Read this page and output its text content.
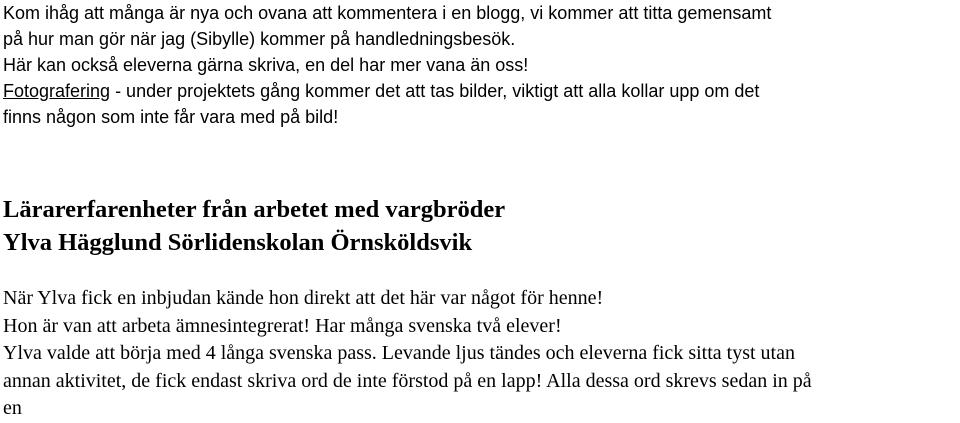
Kom ihåg att många är nya och ovana att kommentera i en blogg, vi kommer att titta gemensamt
på hur man gör när jag (Sibylle) kommer på handledningsbesök.
Här kan också eleverna gärna skriva, en del har mer vana än oss!
Fotografering - under projektets gång kommer det att tas bilder, viktigt att alla kollar upp om det
finns någon som inte får vara med på bild!
Lärarerfarenheter från arbetet med vargbröder
Ylva Hägglund Sörlidenskolan Örnsköldsvik
När Ylva fick en inbjudan kände hon direkt att det här var något för henne!
Hon är van att arbeta ämnesintegrerat! Har många svenska två elever!
Ylva valde att börja med 4 långa svenska pass. Levande ljus tändes och eleverna fick sitta tyst utan
annan aktivitet, de fick endast skriva ord de inte förstod på en lapp! Alla dessa ord skrevs sedan in på
en
